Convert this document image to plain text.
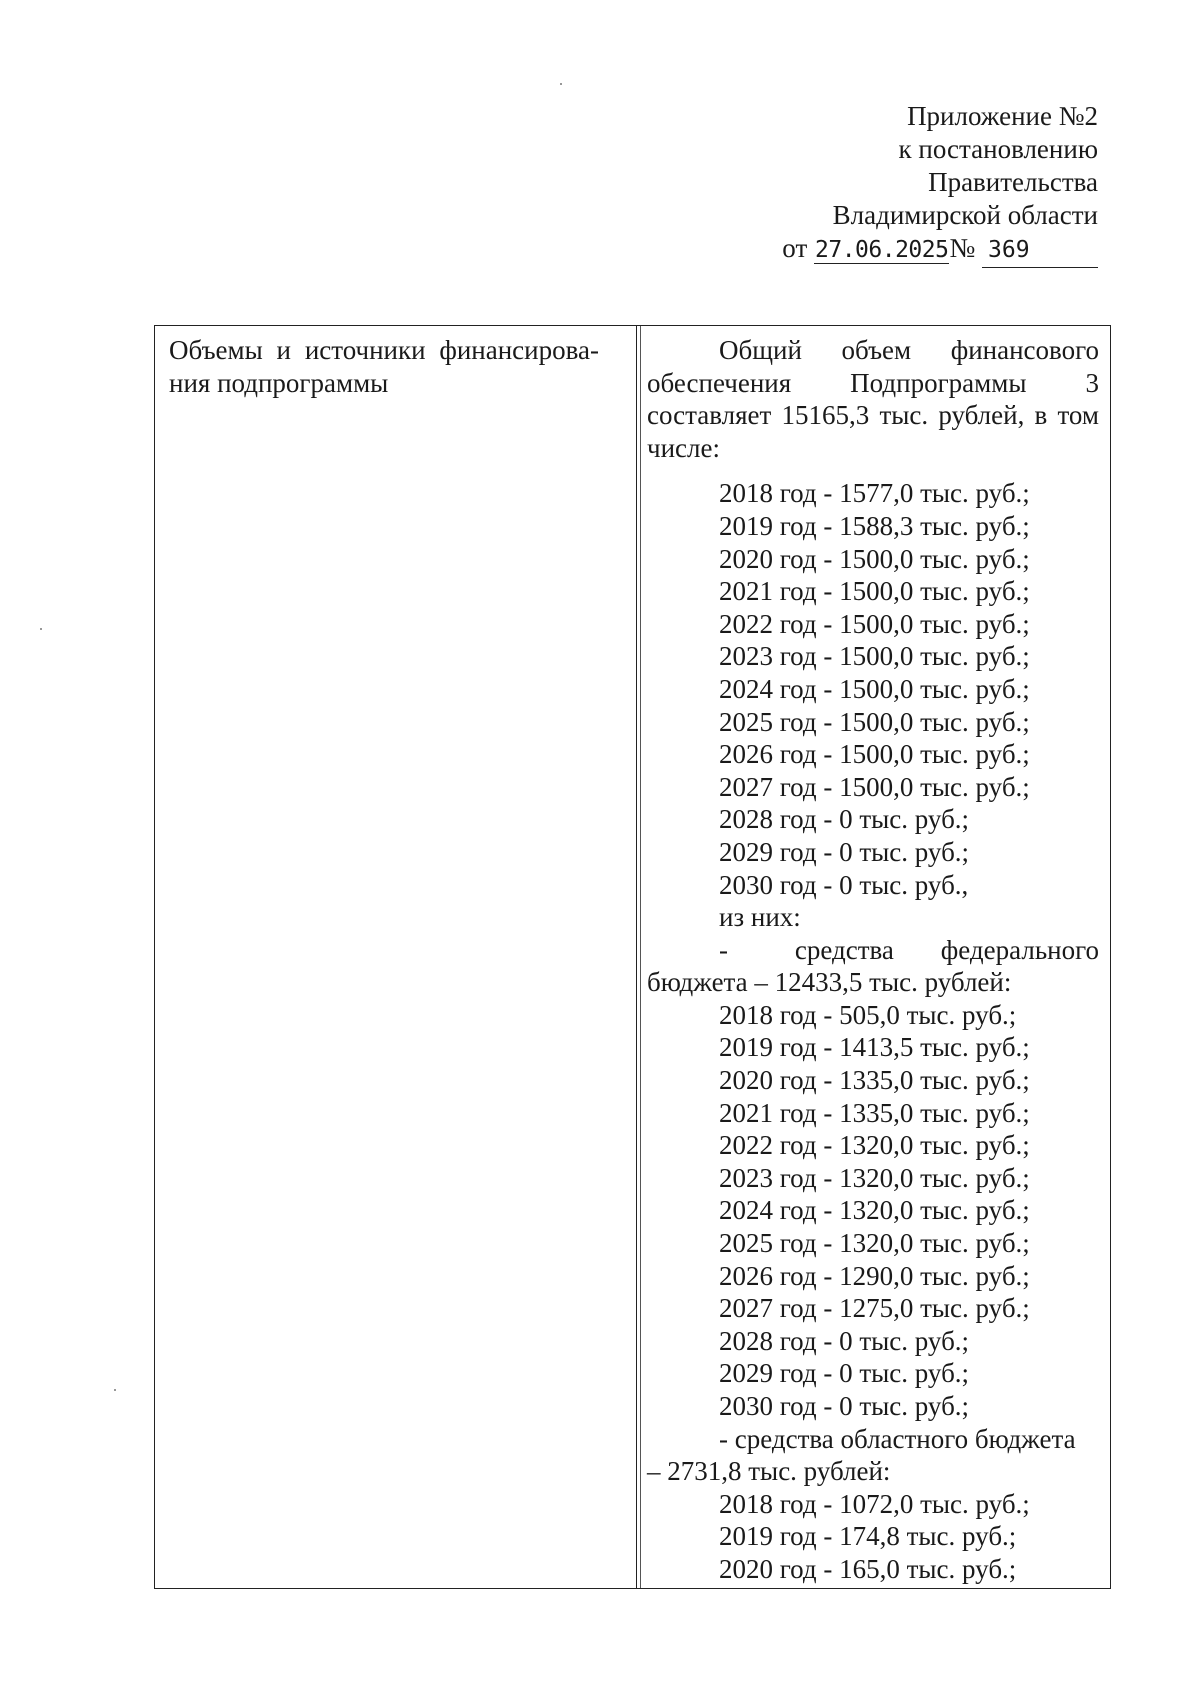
Приложение №2
к постановлению
Правительства
Владимирской области
от 27.06.2025№ 369
Объемы и источники финансирова-ния подпрограммы
Общий объем финансового обеспечения Подпрограммы 3 составляет 15165,3 тыс. рублей, в том числе:
2018 год - 1577,0 тыс. руб.;
2019 год - 1588,3 тыс. руб.;
2020 год - 1500,0 тыс. руб.;
2021 год - 1500,0 тыс. руб.;
2022 год - 1500,0 тыс. руб.;
2023 год - 1500,0 тыс. руб.;
2024 год - 1500,0 тыс. руб.;
2025 год - 1500,0 тыс. руб.;
2026 год - 1500,0 тыс. руб.;
2027 год - 1500,0 тыс. руб.;
2028 год - 0 тыс. руб.;
2029 год - 0 тыс. руб.;
2030 год - 0 тыс. руб.,
из них:
- средства федерального
бюджета – 12433,5 тыс. рублей:
2018 год - 505,0 тыс. руб.;
2019 год - 1413,5 тыс. руб.;
2020 год - 1335,0 тыс. руб.;
2021 год - 1335,0 тыс. руб.;
2022 год - 1320,0 тыс. руб.;
2023 год - 1320,0 тыс. руб.;
2024 год - 1320,0 тыс. руб.;
2025 год - 1320,0 тыс. руб.;
2026 год - 1290,0 тыс. руб.;
2027 год - 1275,0 тыс. руб.;
2028 год - 0 тыс. руб.;
2029 год - 0 тыс. руб.;
2030 год - 0 тыс. руб.;
- средства областного бюджета
– 2731,8 тыс. рублей:
2018 год - 1072,0 тыс. руб.;
2019 год - 174,8 тыс. руб.;
2020 год - 165,0 тыс. руб.;
